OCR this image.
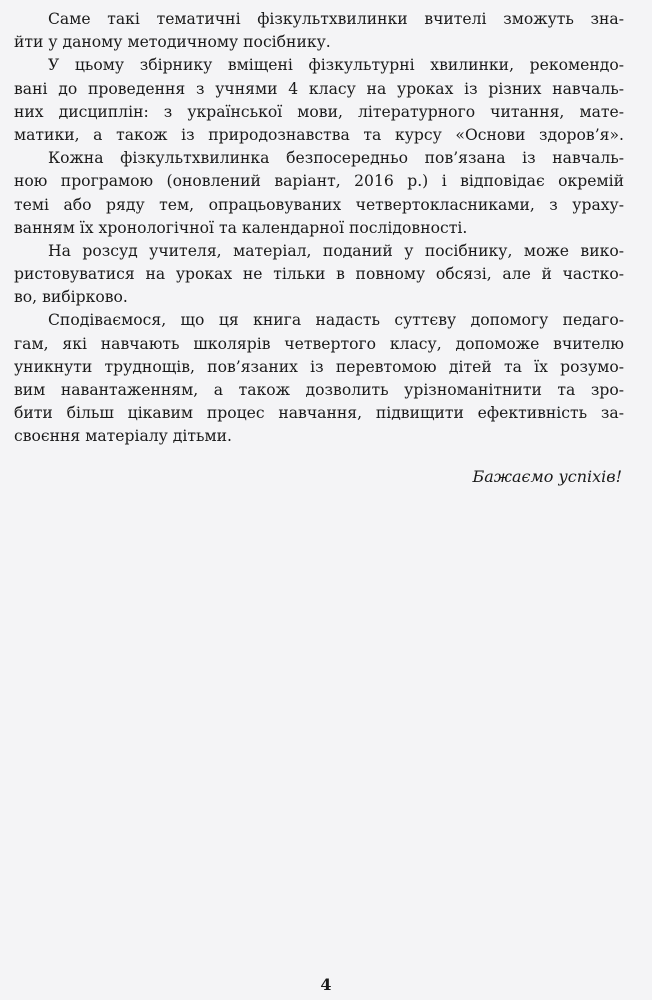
Саме такі тематичні фізкультхвилинки вчителі зможуть зна-
йти у даному методичному посібнику.
У цьому збірнику вміщені фізкультурні хвилинки, рекомендо-
вані до проведення з учнями 4 класу на уроках із різних навчаль-
них дисциплін: з української мови, літературного читання, мате-
матики, а також із природознавства та курсу «Основи здоров’я».
Кожна фізкультхвилинка безпосередньо пов’язана із навчаль-
ною програмою (оновлений варіант, 2016 р.) і відповідає окремій
темі або ряду тем, опрацьовуваних четвертокласниками, з ураху-
ванням їх хронологічної та календарної послідовності.
На розсуд учителя, матеріал, поданий у посібнику, може вико-
ристовуватися на уроках не тільки в повному обсязі, але й частко-
во, вибірково.
Сподіваємося, що ця книга надасть суттєву допомогу педаго-
гам, які навчають школярів четвертого класу, допоможе вчителю
уникнути труднощів, пов’язаних із перевтомою дітей та їх розумо-
вим навантаженням, а також дозволить урізноманітнити та зро-
бити більш цікавим процес навчання, підвищити ефективність за-
своєння матеріалу дітьми.
Бажаємо успіхів!
4
